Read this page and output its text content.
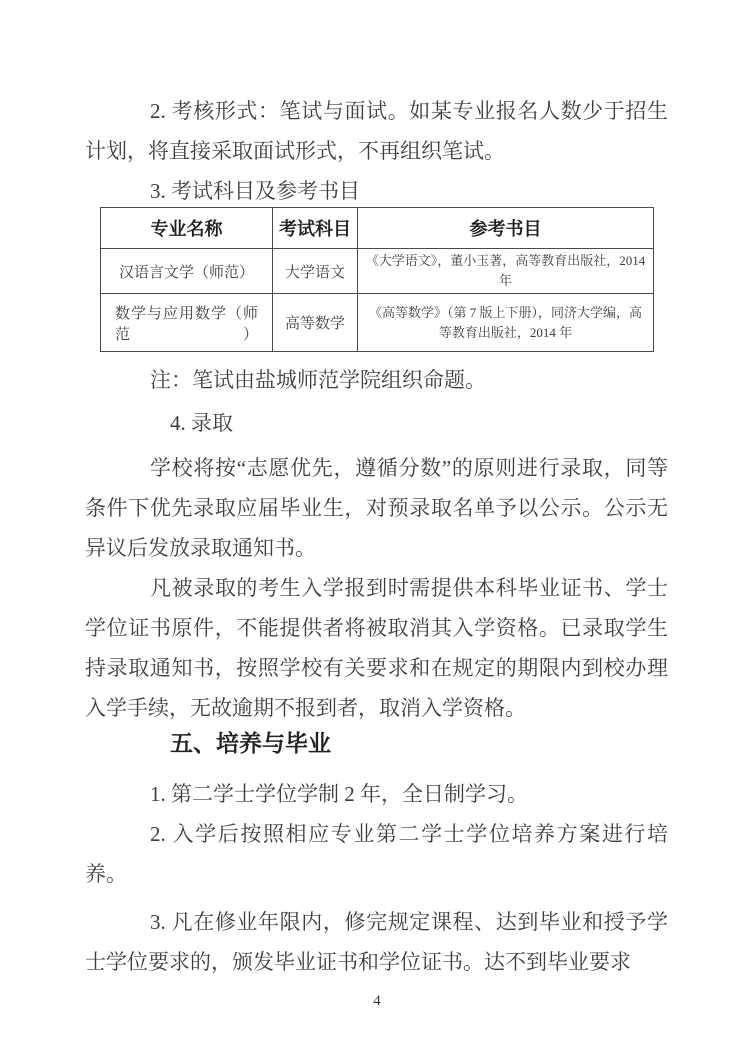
2. 考核形式：笔试与面试。如某专业报名人数少于招生计划，将直接采取面试形式，不再组织笔试。

3. 考试科目及参考书目

专业名称	考试科目	参考书目
汉语言文学（师范）	大学语文	《大学语文》，董小玉著，高等教育出版社，2014 年
数学与应用数学（师范）	高等数学	《高等数学》（第 7 版上下册），同济大学编，高等教育出版社，2014 年

注：笔试由盐城师范学院组织命题。

4. 录取

学校将按“志愿优先，遵循分数”的原则进行录取，同等条件下优先录取应届毕业生，对预录取名单予以公示。公示无异议后发放录取通知书。

凡被录取的考生入学报到时需提供本科毕业证书、学士学位证书原件，不能提供者将被取消其入学资格。已录取学生持录取通知书，按照学校有关要求和在规定的期限内到校办理入学手续，无故逾期不报到者，取消入学资格。

五、培养与毕业

1. 第二学士学位学制 2 年，全日制学习。

2. 入学后按照相应专业第二学士学位培养方案进行培养。

3. 凡在修业年限内，修完规定课程、达到毕业和授予学士学位要求的，颁发毕业证书和学位证书。达不到毕业要求

4
